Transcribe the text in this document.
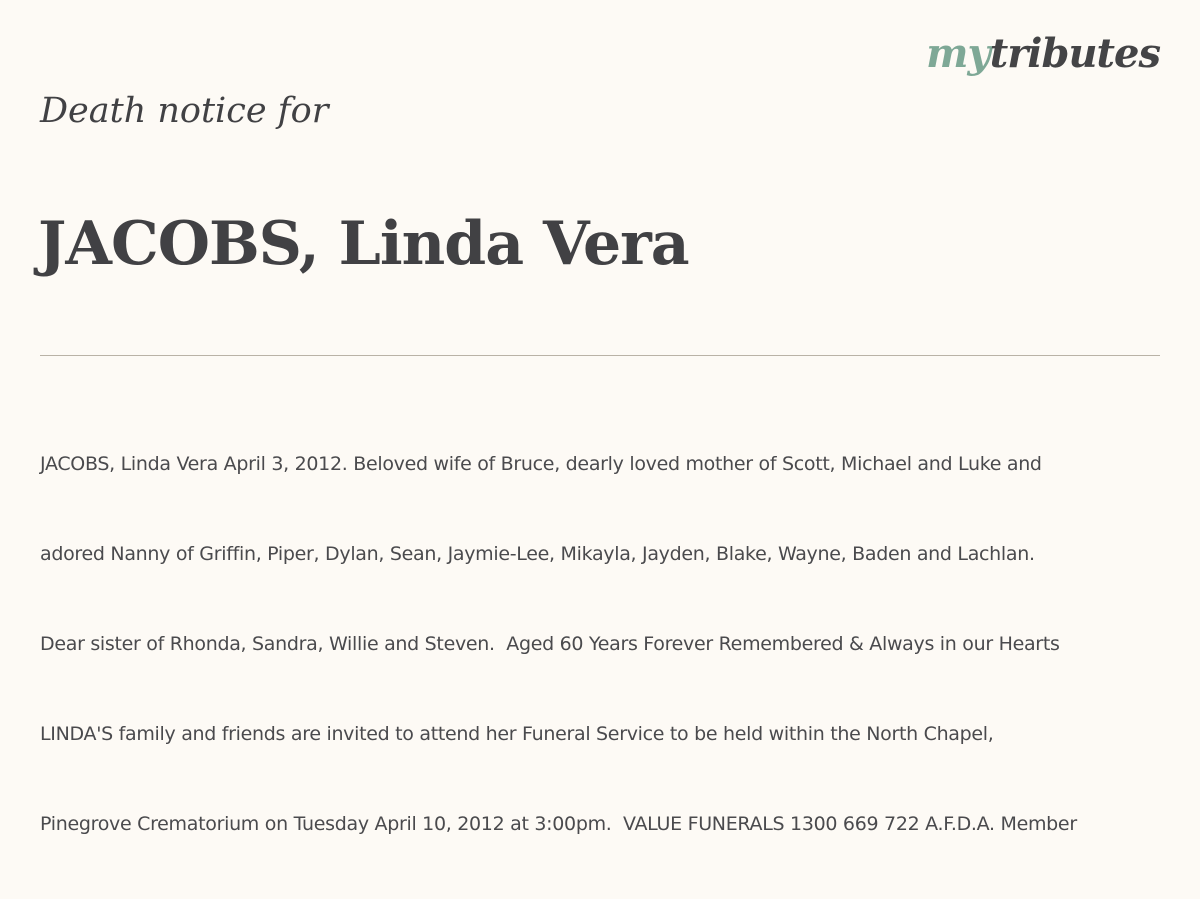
mytributes
Death notice for
JACOBS, Linda Vera

JACOBS, Linda Vera April 3, 2012. Beloved wife of Bruce, dearly loved mother of Scott, Michael and Luke and

adored Nanny of Griffin, Piper, Dylan, Sean, Jaymie-Lee, Mikayla, Jayden, Blake, Wayne, Baden and Lachlan.

Dear sister of Rhonda, Sandra, Willie and Steven.  Aged 60 Years Forever Remembered & Always in our Hearts

LINDA'S family and friends are invited to attend her Funeral Service to be held within the North Chapel,

Pinegrove Crematorium on Tuesday April 10, 2012 at 3:00pm.  VALUE FUNERALS 1300 669 722 A.F.D.A. Member
